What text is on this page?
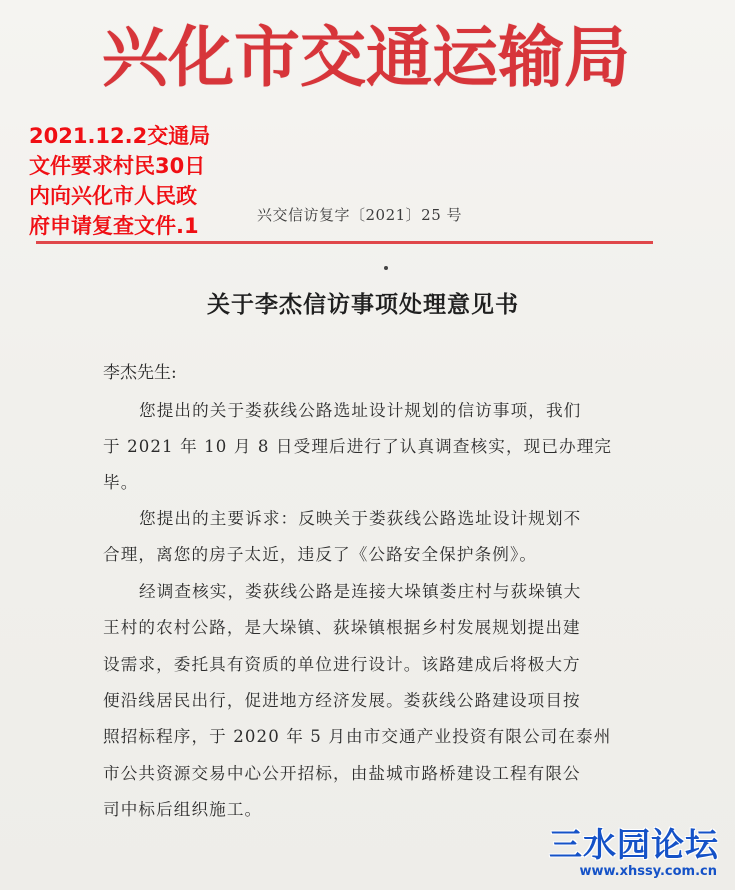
兴化市交通运输局
2021.12.2交通局
文件要求村民30日
内向兴化市人民政
府申请复查文件.1	兴交信访复字〔2021〕25 号
关于李杰信访事项处理意见书
李杰先生:
您提出的关于娄荻线公路选址设计规划的信访事项，我们
于 2021 年 10 月 8 日受理后进行了认真调查核实，现已办理完
毕。
您提出的主要诉求：反映关于娄荻线公路选址设计规划不
合理，离您的房子太近，违反了《公路安全保护条例》。
经调查核实，娄荻线公路是连接大垛镇娄庄村与荻垛镇大
王村的农村公路，是大垛镇、荻垛镇根据乡村发展规划提出建
设需求，委托具有资质的单位进行设计。该路建成后将极大方
便沿线居民出行，促进地方经济发展。娄荻线公路建设项目按
照招标程序，于 2020 年 5 月由市交通产业投资有限公司在泰州
市公共资源交易中心公开招标，由盐城市路桥建设工程有限公
司中标后组织施工。
三水园论坛
www.xhssy.com.cn
